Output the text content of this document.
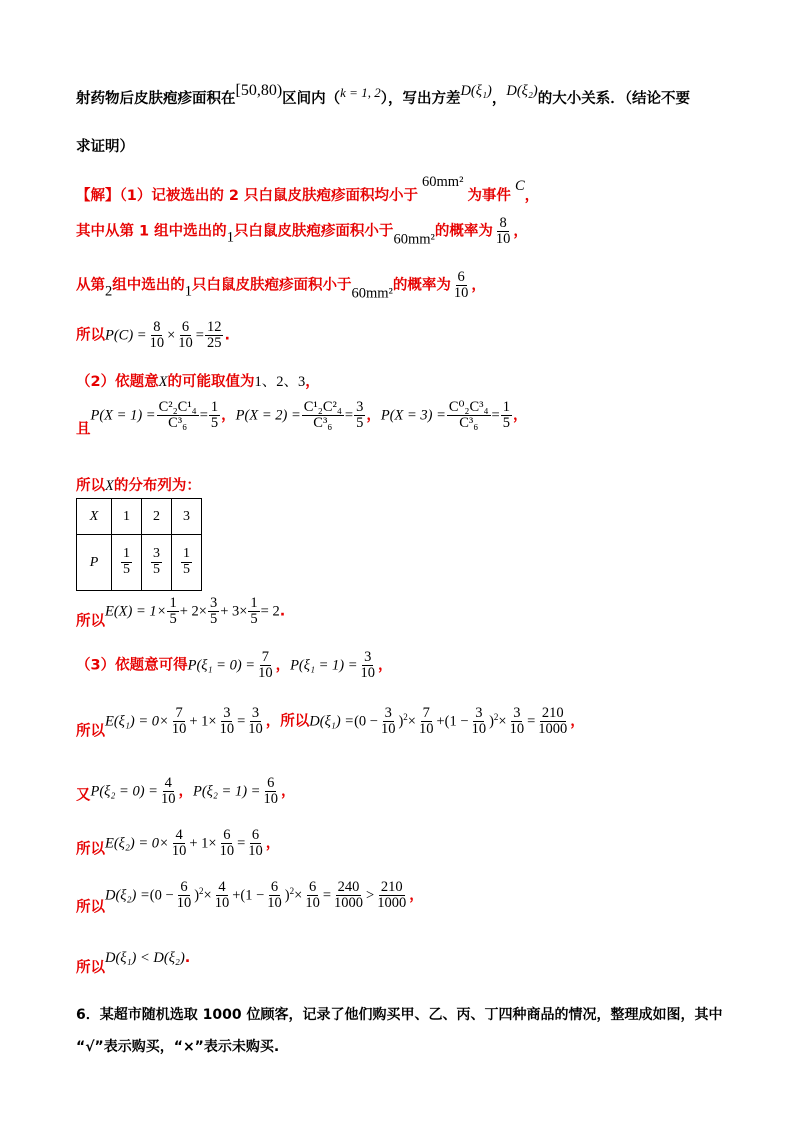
射药物后皮肤疱疹面积在[50,80)区间内（k = 1, 2），写出方差D(ξ₁)，D(ξ₂)的大小关系．（结论不要
求证明）
【解】（1）记被选出的 2 只白鼠皮肤疱疹面积均小于60mm²为事件C，
其中从第 1 组中选出的1只白鼠皮肤疱疹面积小于60mm²的概率为 $\frac{8}{10}$ ，
从第2组中选出的1只白鼠皮肤疱疹面积小于60mm²的概率为 $\frac{6}{10}$ ，
所以$P(C) = \frac{8}{10} \times \frac{6}{10} = \frac{12}{25}$ .
（2）依题意X的可能取值为1、2、3，
且$P(X = 1) = \frac{\text{C²₂C¹₄}}{\text{C³₆}} = \frac{1}{5}$ ，$P(X = 2) = \frac{\text{C¹₂C²₄}}{\text{C³₆}} = \frac{3}{5}$ ，$P(X = 3) = \frac{\text{C⁰₂C³₄}}{\text{C³₆}} = \frac{1}{5}$ ，
所以X的分布列为：
X	1	2	3
P	$\frac{1}{5}$	$\frac{3}{5}$	$\frac{1}{5}$
所以$E(X) = 1\times \frac{1}{5} + 2\times \frac{3}{5} + 3\times \frac{1}{5} = 2$.
（3）依题意可得$P(\xi_1 = 0) = \frac{7}{10}$ ，$P(\xi_1 = 1) = \frac{3}{10}$ ，
所以$E(\xi_1) = 0\times \frac{7}{10} + 1\times \frac{3}{10} = \frac{3}{10}$ ，所以$D(\xi_1) =(0 - \frac{3}{10} )^2\times \frac{7}{10} +(1 - \frac{3}{10} )^2\times \frac{3}{10} = \frac{210}{1000}$ ，
又$P(\xi_2 = 0) = \frac{4}{10}$ ，$P(\xi_2 = 1) = \frac{6}{10}$ ，
所以$E(\xi_2) = 0\times \frac{4}{10} + 1\times \frac{6}{10} = \frac{6}{10}$ ，
所以$D(\xi_2) =(0 - \frac{6}{10} )^2\times \frac{4}{10} +(1 - \frac{6}{10} )^2\times \frac{6}{10} = \frac{240}{1000} > \frac{210}{1000}$ ，
所以D(ξ₁) < D(ξ₂).
6．某超市随机选取 1000 位顾客，记录了他们购买甲、乙、丙、丁四种商品的情况，整理成如图，其中
“√”表示购买，“×”表示未购买.
